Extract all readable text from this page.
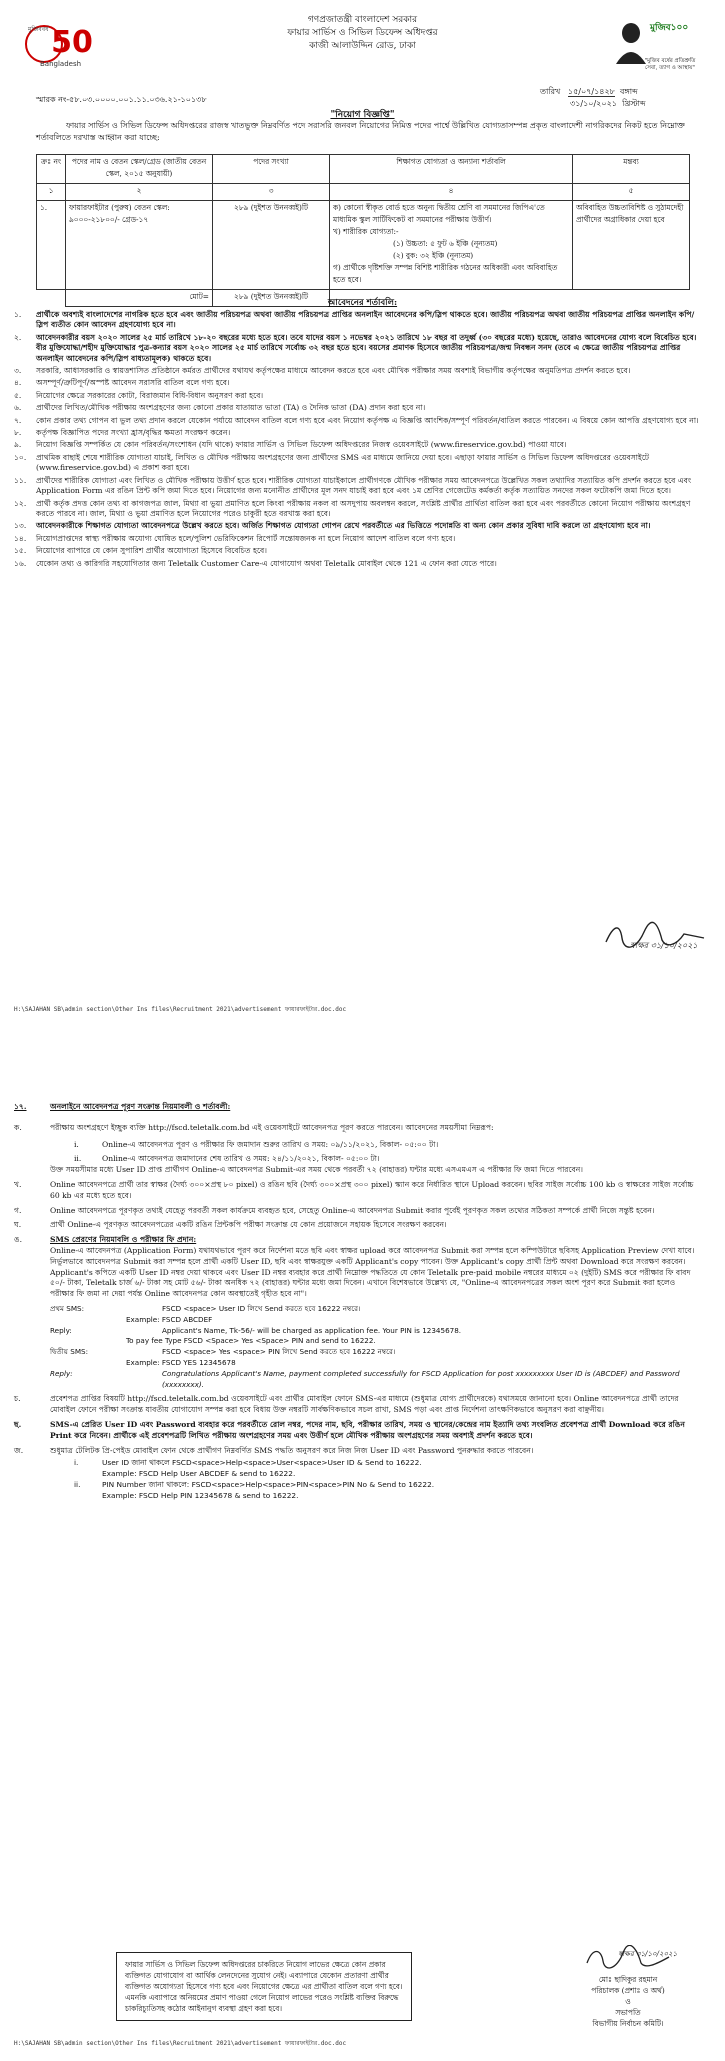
50
মুজিববর্ষ
Bangladesh
গণপ্রজাতন্ত্রী বাংলাদেশ সরকার
ফায়ার সার্ভিস ও সিভিল ডিফেন্স অধিদপ্তর
কাজী আলাউদ্দিন রোড, ঢাকা
মুজিব১০০
"মুজিব বর্ষের প্রতিশ্রুতি
সেবা, ত্যাগ ও আস্থায়"
স্মারক নং-৫৮.০৩.০০০০.০০১.১১.০৩৬.২১-১০১৩৮
তারিখ ১৫/০৭/১৪২৮ বঙ্গাব্দ
৩১/১০/২০২১ খ্রিস্টাব্দ
"নিয়োগ বিজ্ঞপ্তি"
ফায়ার সার্ভিস ও সিভিল ডিফেন্স অধিদপ্তরের রাজস্ব খাতভুক্ত নিম্নবর্ণিত পদে সরাসরি জনবল নিয়োগের নিমিত্ত পদের পার্শ্বে উল্লিখিত যোগ্যতাসম্পন্ন প্রকৃত বাংলাদেশী নাগরিকদের নিকট হতে নিম্নোক্ত শর্তাবলিতে দরখাস্ত আহ্বান করা যাচ্ছে:
ক্রঃ নং	পদের নাম ও বেতন স্কেল/গ্রেড (জাতীয় বেতন স্কেল, ২০১৫ অনুযায়ী)	পদের সংখ্যা	শিক্ষাগত যোগ্যতা ও অন্যান্য শর্তাবলি	মন্তব্য
১	২	৩	৪	৫
১.	ফায়ারফাইটার (পুরুষ) বেতন স্কেল: ৯০০০-২১৮০০/- গ্রেড-১৭	২৮৯ (দুইশত উননব্বই)টি	ক) কোনো স্বীকৃত বোর্ড হতে অনুন্য দ্বিতীয় শ্রেণি বা সমমানের জিপিএ'তে মাধ্যমিক স্কুল সার্টিফিকেট বা সমমানের পরীক্ষায় উত্তীর্ণ।
খ) শারীরিক যোগ্যতা:-
(১) উচ্চতা: ৫ ফুট ৬ ইঞ্চি (নূন্যতম)
(২) বুক: ৩২ ইঞ্চি (নূন্যতম)
গ) প্রার্থীকে দৃষ্টিশক্তি সম্পন্ন বিশিষ্ট শারীরিক গঠনের অধিকারী এবং অবিবাহিত হতে হবে।	অবিবাহিত উচ্চতাবিশিষ্ট ও সুঠামদেহী প্রার্থীদের অগ্রাধিকার দেয়া হবে
	মোট=	২৮৯ (দুইশত উননব্বই)টি		
আবেদনের শর্তাবলি:
১.	প্রার্থীকে অবশ্যই বাংলাদেশের নাগরিক হতে হবে এবং জাতীয় পরিচয়পত্র অথবা জাতীয় পরিচয়পত্র প্রাপ্তির অনলাইন আবেদনের কপি/স্লিপ থাকতে হবে। জাতীয় পরিচয়পত্র অথবা জাতীয় পরিচয়পত্র প্রাপ্তির অনলাইন কপি/স্লিপ ব্যতীত কোন আবেদন গ্রহণযোগ্য হবে না।
২.	আবেদনকারীর বয়স ২০২০ সালের ২৫ মার্চ তারিখে ১৮-২০ বছরের মধ্যে হতে হবে। তবে যাদের বয়স ১ নভেম্বর ২০২১ তারিখে ১৮ বছর বা তদুর্ধ্ব (৩০ বছরের মধ্যে) হয়েছে, তারাও আবেদনের যোগ্য বলে বিবেচিত হবে। বীর মুক্তিযোদ্ধা/শহীদ মুক্তিযোদ্ধার পুত্র-কন্যার বয়স ২০২০ সালের ২৫ মার্চ তারিখে সর্বোচ্চ ৩২ বছর হতে হবে। বয়সের প্রমাণক হিসেবে জাতীয় পরিচয়পত্র/জন্ম নিবন্ধন সনদ (তবে এ ক্ষেত্রে জাতীয় পরিচয়পত্র প্রাপ্তির অনলাইন আবেদনের কপি/স্লিপ বাধ্যতামূলক) থাকতে হবে।
৩.	সরকারি, আধাসরকারি ও স্বায়ত্তশাসিত প্রতিষ্ঠানে কর্মরত প্রার্থীদের যথাযথ কর্তৃপক্ষের মাধ্যমে আবেদন করতে হবে এবং মৌখিক পরীক্ষার সময় অবশ্যই বিভাগীয় কর্তৃপক্ষের অনুমতিপত্র প্রদর্শন করতে হবে।
৪.	অসম্পূর্ণ/ত্রুটিপূর্ণ/অস্পষ্ট আবেদন সরাসরি বাতিল বলে গণ্য হবে।
৫.	নিয়োগের ক্ষেত্রে সরকারের কোটা, বিরাজমান বিধি-বিধান অনুসরণ করা হবে।
৬.	প্রার্থীদের লিখিত/মৌখিক পরীক্ষায় অংশগ্রহণের জন্য কোনো প্রকার যাতায়াত ভাতা (TA) ও দৈনিক ভাতা (DA) প্রদান করা হবে না।
৭.	কোন প্রকার তথ্য গোপন বা ভুল তথ্য প্রদান করলে যেকোন পর্যায়ে আবেদন বাতিল বলে গণ্য হবে এবং নিয়োগ কর্তৃপক্ষ এ বিজ্ঞপ্তি আংশিক/সম্পূর্ণ পরিবর্তন/বাতিল করতে পারবেন। এ বিষয়ে কোন আপত্তি গ্রহণযোগ্য হবে না।
৮.	কর্তৃপক্ষ বিজ্ঞাপিত পদের সংখ্যা হ্রাস/বৃদ্ধির ক্ষমতা সংরক্ষণ করেন।
৯.	নিয়োগ বিজ্ঞপ্তি সম্পর্কিত যে কোন পরিবর্তন/সংশোধন (যদি থাকে) ফায়ার সার্ভিস ও সিভিল ডিফেন্স অধিদপ্তরের নিজস্ব ওয়েবসাইটে (www.fireservice.gov.bd) পাওয়া যাবে।
১০.	প্রাথমিক বাছাই শেষে শারীরিক যোগ্যতা যাচাই, লিখিত ও মৌখিক পরীক্ষায় অংশগ্রহণের জন্য প্রার্থীদের SMS এর মাধ্যমে জানিয়ে দেয়া হবে। এছাড়া ফায়ার সার্ভিস ও সিভিল ডিফেন্স অধিদপ্তরের ওয়েবসাইটে (www.fireservice.gov.bd) এ প্রকাশ করা হবে।
১১.	প্রার্থীদের শারীরিক যোগ্যতা এবং লিখিত ও মৌখিক পরীক্ষায় উত্তীর্ণ হতে হবে। শারীরিক যোগ্যতা যাচাইকালে প্রার্থীগণকে মৌখিক পরীক্ষার সময় আবেদনপত্রে উল্লেখিত সকল তথ্যাদির সত্যায়িত কপি প্রদর্শন করতে হবে এবং Application Form এর রঙিন প্রিন্ট কপি জমা দিতে হবে। নিয়োগের জন্য মনোনীত প্রার্থীদের মূল সনদ যাচাই করা হবে এবং ১ম শ্রেণির গেজেটেড কর্মকর্তা কর্তৃক সত্যায়িত সনদের সকল ফটোকপি জমা দিতে হবে।
১২.	প্রার্থী কর্তৃক প্রদত্ত কোন তথ্য বা কাগজপত্র জাল, মিথ্যা বা ভুয়া প্রমাণিত হলে কিংবা পরীক্ষায় নকল বা অসদুপায় অবলম্বন করলে, সংশ্লিষ্ট প্রার্থীর প্রার্থিতা বাতিল করা হবে এবং পরবর্তীতে কোনো নিয়োগ পরীক্ষায় অংশগ্রহণ করতে পারবে না। জাল, মিথ্যা ও ভুয়া প্রমাণিত হলে নিয়োগের পরেও চাকুরী হতে বরখাস্ত করা হবে।
১৩.	আবেদনকারীকে শিক্ষাগত যোগ্যতা আবেদনপত্রে উল্লেখ করতে হবে। অর্জিত শিক্ষাগত যোগ্যতা গোপন রেখে পরবর্তীতে এর ভিত্তিতে পদোন্নতি বা অন্য কোন প্রকার সুবিধা দাবি করলে তা গ্রহণযোগ্য হবে না।
১৪.	নিয়োগপ্রাপ্তদের স্বাস্থ্য পরীক্ষায় অযোগ্য ঘোষিত হলে/পুলিশ ভেরিফিকেশন রিপোর্ট সন্তোষজনক না হলে নিয়োগ আদেশ বাতিল বলে গণ্য হবে।
১৫.	নিয়োগের ব্যাপারে যে কোন সুপারিশ প্রার্থীর অযোগ্যতা হিসেবে বিবেচিত হবে।
১৬.	যেকোন তথ্য ও কারিগরি সহযোগিতার জন্য Teletalk Customer Care-এ যোগাযোগ অথবা Teletalk মোবাইল থেকে 121 এ ফোন করা যেতে পারে।
স্বাক্ষর ৩১/১০/২০২১
H:\SAJAHAN SB\admin section\Other Ins files\Recruitment 2021\advertisement ফায়ারফাইটার.doc.doc
১৭.	অনলাইনে আবেদনপত্র পূরণ সংক্রান্ত নিয়মাবলী ও শর্তাবলী:
ক.	পরীক্ষায় অংশগ্রহণে ইচ্ছুক ব্যক্তি http://fscd.teletalk.com.bd এই ওয়েবসাইটে আবেদনপত্র পূরণ করতে পারবেন। আবেদনের সময়সীমা নিম্নরূপ:
i.	Online-এ আবেদনপত্র পূরণ ও পরীক্ষার ফি জমাদান শুরুর তারিখ ও সময়: ০৯/১১/২০২১, বিকাল- ০৫:০০ টা।
ii.	Online-এ আবেদনপত্র জমাদানের শেষ তারিখ ও সময়: ২৪/১১/২০২১, বিকাল- ০৫:০০ টা।
উক্ত সময়সীমার মধ্যে User ID প্রাপ্ত প্রার্থীগণ Online-এ আবেদনপত্র Submit-এর সময় থেকে পরবর্তী ৭২ (বাহাত্তর) ঘন্টার মধ্যে এসএমএস এ পরীক্ষার ফি জমা দিতে পারবেন।
খ.	Online আবেদনপত্রে প্রার্থী তার স্বাক্ষর (দৈর্ঘ্য ৩০০×প্রস্থ ৮০ pixel) ও রঙিন ছবি (দৈর্ঘ্য ৩০০×প্রস্থ ৩০০ pixel) স্ক্যান করে নির্ধারিত স্থানে Upload করবেন। ছবির সাইজ সর্বোচ্চ 100 kb ও স্বাক্ষরের সাইজ সর্বোচ্চ 60 kb এর মধ্যে হতে হবে।
গ.	Online আবেদনপত্রে পূরণকৃত তথ্যই যেহেতু পরবর্তী সকল কার্যক্রমে ব্যবহৃত হবে, সেহেতু Online-এ আবেদনপত্র Submit করার পূর্বেই পূরণকৃত সকল তথ্যের সঠিকতা সম্পর্কে প্রার্থী নিজে সন্তুষ্ট হবেন।
ঘ.	প্রার্থী Online-এ পূরণকৃত আবেদনপত্রের একটি রঙিন প্রিন্টকপি পরীক্ষা সংক্রান্ত যে কোন প্রয়োজনে সহায়ক হিসেবে সংরক্ষণ করবেন।
ঙ.	SMS প্রেরণের নিয়মাবলি ও পরীক্ষার ফি প্রদান:
Online-এ আবেদনপত্র (Application Form) যথাযথভাবে পূরণ করে নির্দেশনা মতে ছবি এবং স্বাক্ষর upload করে আবেদনপত্র Submit করা সম্পন্ন হলে কম্পিউটারে ছবিসহ Application Preview দেখা যাবে। নির্ভুলভাবে আবেদনপত্র Submit করা সম্পন্ন হলে প্রার্থী একটি User ID, ছবি এবং স্বাক্ষরযুক্ত একটি Applicant's copy পাবেন। উক্ত Applicant's copy প্রার্থী প্রিন্ট অথবা Download করে সংরক্ষণ করবেন। Applicant's কপিতে একটি User ID নম্বর দেয়া থাকবে এবং User ID নম্বর ব্যবহার করে প্রার্থী নিম্নোক্ত পদ্ধতিতে যে কোন Teletalk pre-paid mobile নম্বরের মাধ্যমে ০২ (দুইটি) SMS করে পরীক্ষার ফি বাবদ ৫০/- টাকা, Teletalk চার্জ ৬/- টাকা সহ মোট ৫৬/- টাকা অনধিক ৭২ (বাহাত্তর) ঘন্টার মধ্যে জমা দিবেন। এখানে বিশেষভাবে উল্লেখ্য যে, "Online-এ আবেদনপত্রের সকল অংশ পূরণ করে Submit করা হলেও পরীক্ষার ফি জমা না দেয়া পর্যন্ত Online আবেদনপত্র কোন অবস্থাতেই গৃহীত হবে না"।
প্রথম SMS:	FSCD <space> User ID লিখে Send করতে হবে 16222 নম্বরে।
Example: FSCD ABCDEF
Reply:	Applicant's Name, Tk-56/- will be charged as application fee. Your PIN is 12345678.
To pay fee Type FSCD <Space> Yes <Space> PIN and send to 16222.
দ্বিতীয় SMS:	FSCD <space> Yes <space> PIN লিখে Send করতে হবে 16222 নম্বরে।
Example: FSCD YES 12345678
Reply:	Congratulations Applicant's Name, payment completed successfully for FSCD Application for post xxxxxxxxx User ID is (ABCDEF) and Password (xxxxxxxx).
চ.	প্রবেশপত্র প্রাপ্তির বিষয়টি http://fscd.teletalk.com.bd ওয়েবসাইটে এবং প্রার্থীর মোবাইল ফোনে SMS-এর মাধ্যমে (শুধুমাত্র যোগ্য প্রার্থীদেরকে) যথাসময়ে জানানো হবে। Online আবেদনপত্রে প্রার্থী তাদের মোবাইল ফোনে পরীক্ষা সংক্রান্ত যাবতীয় যোগাযোগ সম্পন্ন করা হবে বিধায় উক্ত নম্বরটি সার্বক্ষণিকভাবে সচল রাখা, SMS পড়া এবং প্রাপ্ত নির্দেশনা তাৎক্ষণিকভাবে অনুসরণ করা বাঞ্ছনীয়।
ছ.	SMS-এ প্রেরিত User ID এবং Password ব্যবহার করে পরবর্তীতে রোল নম্বর, পদের নাম, ছবি, পরীক্ষার তারিখ, সময় ও স্থানের/কেন্দ্রের নাম ইত্যাদি তথ্য সংবলিত প্রবেশপত্র প্রার্থী Download করে রঙিন Print করে নিবেন। প্রার্থীকে এই প্রবেশপত্রটি লিখিত পরীক্ষায় অংশগ্রহণের সময় এবং উত্তীর্ণ হলে মৌখিক পরীক্ষায় অংশগ্রহণের সময় অবশ্যই প্রদর্শন করতে হবে।
জ.	শুধুমাত্র টেলিটক প্রি-পেইড মোবাইল ফোন থেকে প্রার্থীগণ নিম্নবর্ণিত SMS পদ্ধতি অনুসরণ করে নিজ নিজ User ID এবং Password পুনরুদ্ধার করতে পারবেন।
i.	User ID জানা থাকলে FSCD<space>Help<space>User<space>User ID & Send to 16222.
Example: FSCD Help User ABCDEF & send to 16222.
ii.	PIN Number জানা থাকলে: FSCD<space>Help<space>PIN<space>PIN No & Send to 16222.
Example: FSCD Help PIN 12345678 & send to 16222.
ফায়ার সার্ভিস ও সিভিল ডিফেন্স অধিদপ্তরের চাকরিতে নিয়োগ লাভের ক্ষেত্রে কোন প্রকার ব্যক্তিগত যোগাযোগ বা আর্থিক লেনদেনের সুযোগ নেই। এব্যাপারে যেকোন প্রতারণা প্রার্থীর ব্যক্তিগত অযোগ্যতা হিসেবে গণ্য হবে এবং নিয়োগের ক্ষেত্রে এর প্রার্থীতা বাতিল বলে গণ্য হবে। এমনকি এব্যাপারে অনিয়মের প্রমাণ পাওয়া গেলে নিয়োগ লাভের পরেও সংশ্লিষ্ট ব্যক্তির বিরুদ্ধে চাকরিচ্যুতিসহ কঠোর আইনানুগ ব্যবস্থা গ্রহণ করা হবে।
স্বাক্ষর ৩১/১০/২০২১
মোঃ ছাদিকুর রহমান
পরিচালক (প্রশাঃ ও অর্থ)
ও
সভাপতি
বিভাগীয় নির্বাচন কমিটি।
H:\SAJAHAN SB\admin section\Other Ins files\Recruitment 2021\advertisement ফায়ারফাইটার.doc.doc
